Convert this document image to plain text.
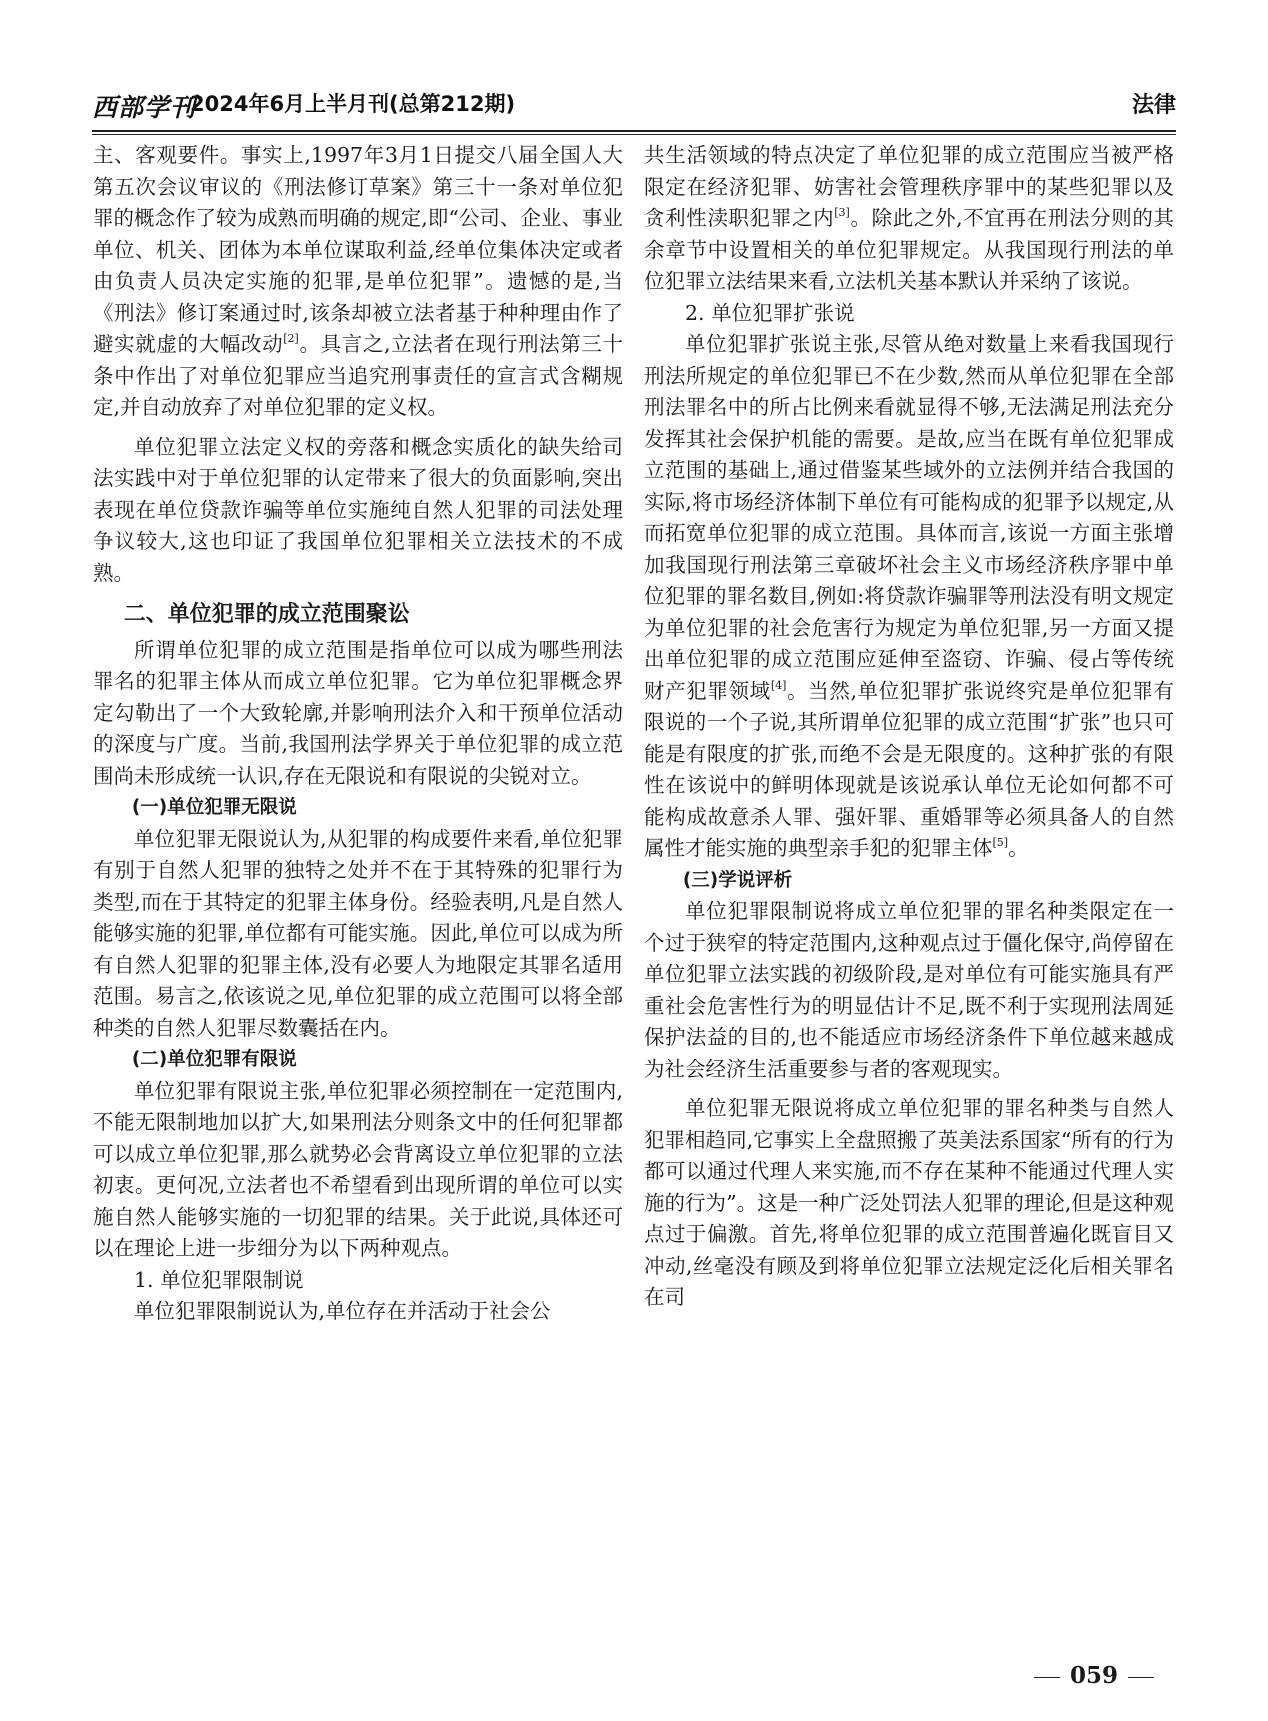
西部学刊
2024年6月上半月刊(总第212期)	法律

主、客观要件。事实上,1997年3月1日提交八届全国人大第五次会议审议的《刑法修订草案》第三十一条对单位犯罪的概念作了较为成熟而明确的规定,即“公司、企业、事业单位、机关、团体为本单位谋取利益,经单位集体决定或者由负责人员决定实施的犯罪,是单位犯罪”。遗憾的是,当《刑法》修订案通过时,该条却被立法者基于种种理由作了避实就虚的大幅改动[2]。具言之,立法者在现行刑法第三十条中作出了对单位犯罪应当追究刑事责任的宣言式含糊规定,并自动放弃了对单位犯罪的定义权。

单位犯罪立法定义权的旁落和概念实质化的缺失给司法实践中对于单位犯罪的认定带来了很大的负面影响,突出表现在单位贷款诈骗等单位实施纯自然人犯罪的司法处理争议较大,这也印证了我国单位犯罪相关立法技术的不成熟。

二、单位犯罪的成立范围聚讼

所谓单位犯罪的成立范围是指单位可以成为哪些刑法罪名的犯罪主体从而成立单位犯罪。它为单位犯罪概念界定勾勒出了一个大致轮廓,并影响刑法介入和干预单位活动的深度与广度。当前,我国刑法学界关于单位犯罪的成立范围尚未形成统一认识,存在无限说和有限说的尖锐对立。

(一)单位犯罪无限说

单位犯罪无限说认为,从犯罪的构成要件来看,单位犯罪有别于自然人犯罪的独特之处并不在于其特殊的犯罪行为类型,而在于其特定的犯罪主体身份。经验表明,凡是自然人能够实施的犯罪,单位都有可能实施。因此,单位可以成为所有自然人犯罪的犯罪主体,没有必要人为地限定其罪名适用范围。易言之,依该说之见,单位犯罪的成立范围可以将全部种类的自然人犯罪尽数囊括在内。

(二)单位犯罪有限说

单位犯罪有限说主张,单位犯罪必须控制在一定范围内,不能无限制地加以扩大,如果刑法分则条文中的任何犯罪都可以成立单位犯罪,那么就势必会背离设立单位犯罪的立法初衷。更何况,立法者也不希望看到出现所谓的单位可以实施自然人能够实施的一切犯罪的结果。关于此说,具体还可以在理论上进一步细分为以下两种观点。

1. 单位犯罪限制说

单位犯罪限制说认为,单位存在并活动于社会公

共生活领域的特点决定了单位犯罪的成立范围应当被严格限定在经济犯罪、妨害社会管理秩序罪中的某些犯罪以及贪利性渎职犯罪之内[3]。除此之外,不宜再在刑法分则的其余章节中设置相关的单位犯罪规定。从我国现行刑法的单位犯罪立法结果来看,立法机关基本默认并采纳了该说。

2. 单位犯罪扩张说

单位犯罪扩张说主张,尽管从绝对数量上来看我国现行刑法所规定的单位犯罪已不在少数,然而从单位犯罪在全部刑法罪名中的所占比例来看就显得不够,无法满足刑法充分发挥其社会保护机能的需要。是故,应当在既有单位犯罪成立范围的基础上,通过借鉴某些域外的立法例并结合我国的实际,将市场经济体制下单位有可能构成的犯罪予以规定,从而拓宽单位犯罪的成立范围。具体而言,该说一方面主张增加我国现行刑法第三章破坏社会主义市场经济秩序罪中单位犯罪的罪名数目,例如:将贷款诈骗罪等刑法没有明文规定为单位犯罪的社会危害行为规定为单位犯罪,另一方面又提出单位犯罪的成立范围应延伸至盗窃、诈骗、侵占等传统财产犯罪领域[4]。当然,单位犯罪扩张说终究是单位犯罪有限说的一个子说,其所谓单位犯罪的成立范围“扩张”也只可能是有限度的扩张,而绝不会是无限度的。这种扩张的有限性在该说中的鲜明体现就是该说承认单位无论如何都不可能构成故意杀人罪、强奸罪、重婚罪等必须具备人的自然属性才能实施的典型亲手犯的犯罪主体[5]。

(三)学说评析

单位犯罪限制说将成立单位犯罪的罪名种类限定在一个过于狭窄的特定范围内,这种观点过于僵化保守,尚停留在单位犯罪立法实践的初级阶段,是对单位有可能实施具有严重社会危害性行为的明显估计不足,既不利于实现刑法周延保护法益的目的,也不能适应市场经济条件下单位越来越成为社会经济生活重要参与者的客观现实。

单位犯罪无限说将成立单位犯罪的罪名种类与自然人犯罪相趋同,它事实上全盘照搬了英美法系国家“所有的行为都可以通过代理人来实施,而不存在某种不能通过代理人实施的行为”。这是一种广泛处罚法人犯罪的理论,但是这种观点过于偏激。首先,将单位犯罪的成立范围普遍化既盲目又冲动,丝毫没有顾及到将单位犯罪立法规定泛化后相关罪名在司

059
